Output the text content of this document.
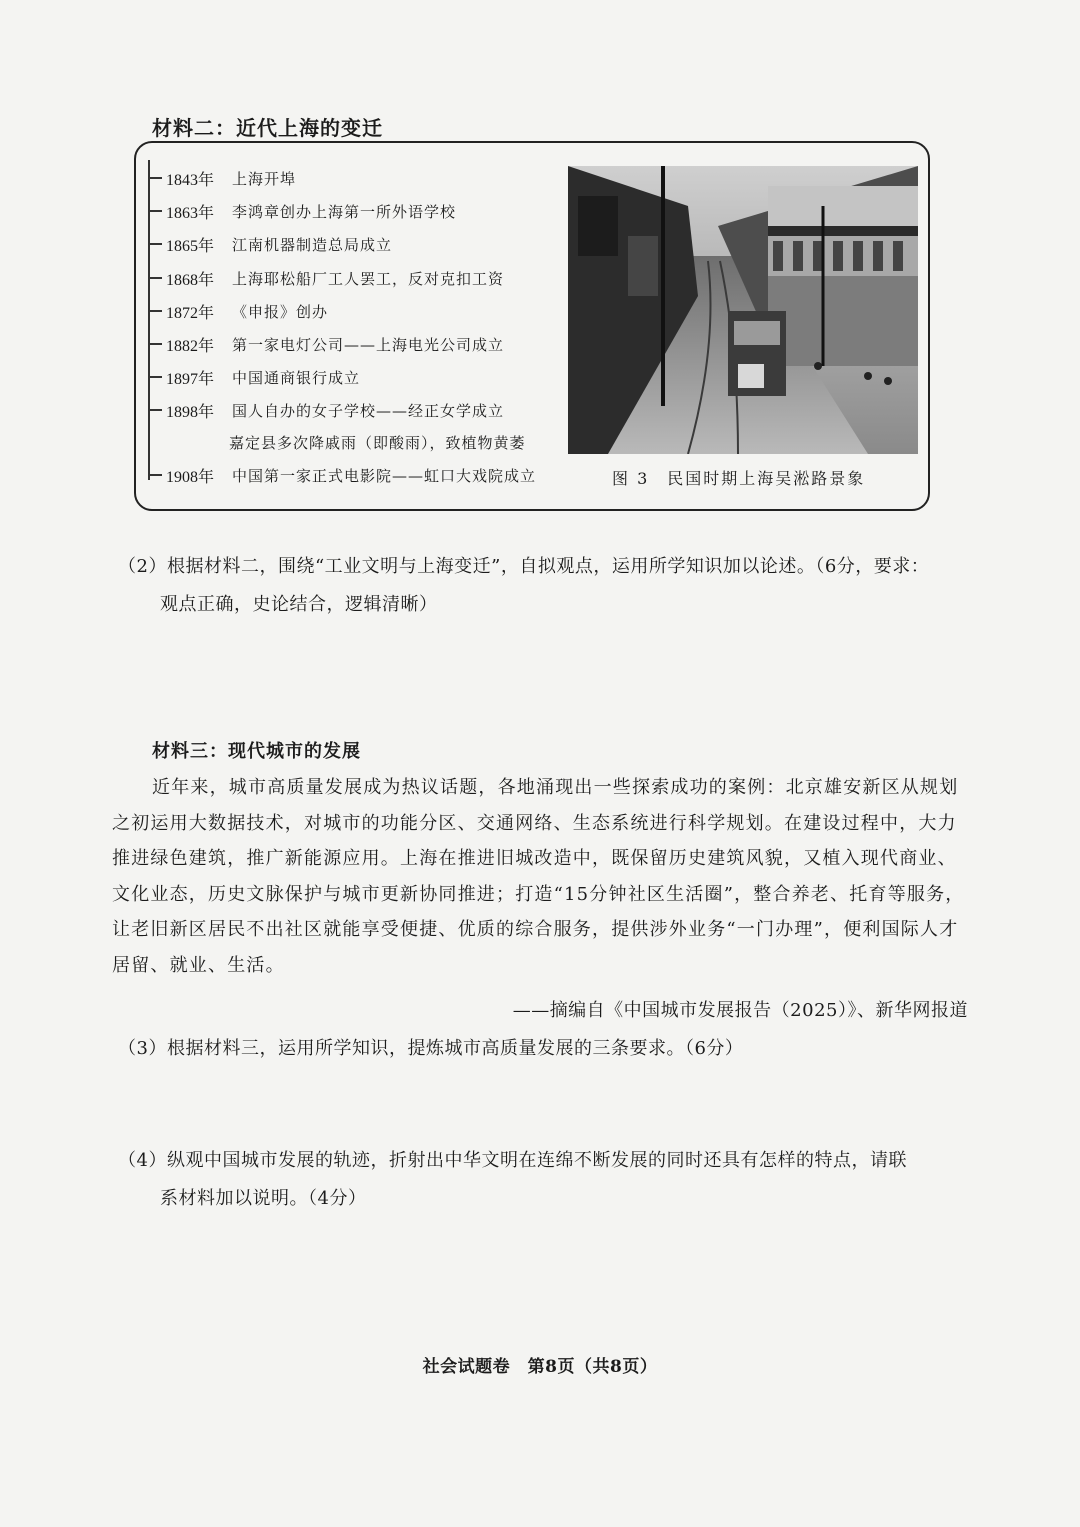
材料二：近代上海的变迁
1843年	上海开埠
1863年	李鸿章创办上海第一所外语学校
1865年	江南机器制造总局成立
1868年	上海耶松船厂工人罢工，反对克扣工资
1872年	《申报》创办
1882年	第一家电灯公司——上海电光公司成立
1897年	中国通商银行成立
1898年	国人自办的女子学校——经正女学成立
嘉定县多次降戚雨（即酸雨），致植物黄萎
1908年	中国第一家正式电影院——虹口大戏院成立	图 3　民国时期上海吴淞路景象
（2）根据材料二，围绕“工业文明与上海变迁”，自拟观点，运用所学知识加以论述。（6分，要求：
观点正确，史论结合，逻辑清晰）
材料三：现代城市的发展

近年来，城市高质量发展成为热议话题，各地涌现出一些探索成功的案例：北京雄安新区从规划之初运用大数据技术，对城市的功能分区、交通网络、生态系统进行科学规划。在建设过程中，大力推进绿色建筑，推广新能源应用。上海在推进旧城改造中，既保留历史建筑风貌，又植入现代商业、文化业态，历史文脉保护与城市更新协同推进；打造“15分钟社区生活圈”，整合养老、托育等服务，让老旧新区居民不出社区就能享受便捷、优质的综合服务，提供涉外业务“一门办理”，便利国际人才居留、就业、生活。

——摘编自《中国城市发展报告（2025）》、新华网报道
（3）根据材料三，运用所学知识，提炼城市高质量发展的三条要求。（6分）
（4）纵观中国城市发展的轨迹，折射出中华文明在连绵不断发展的同时还具有怎样的特点，请联
系材料加以说明。（4分）
社会试题卷　第8页（共8页）
